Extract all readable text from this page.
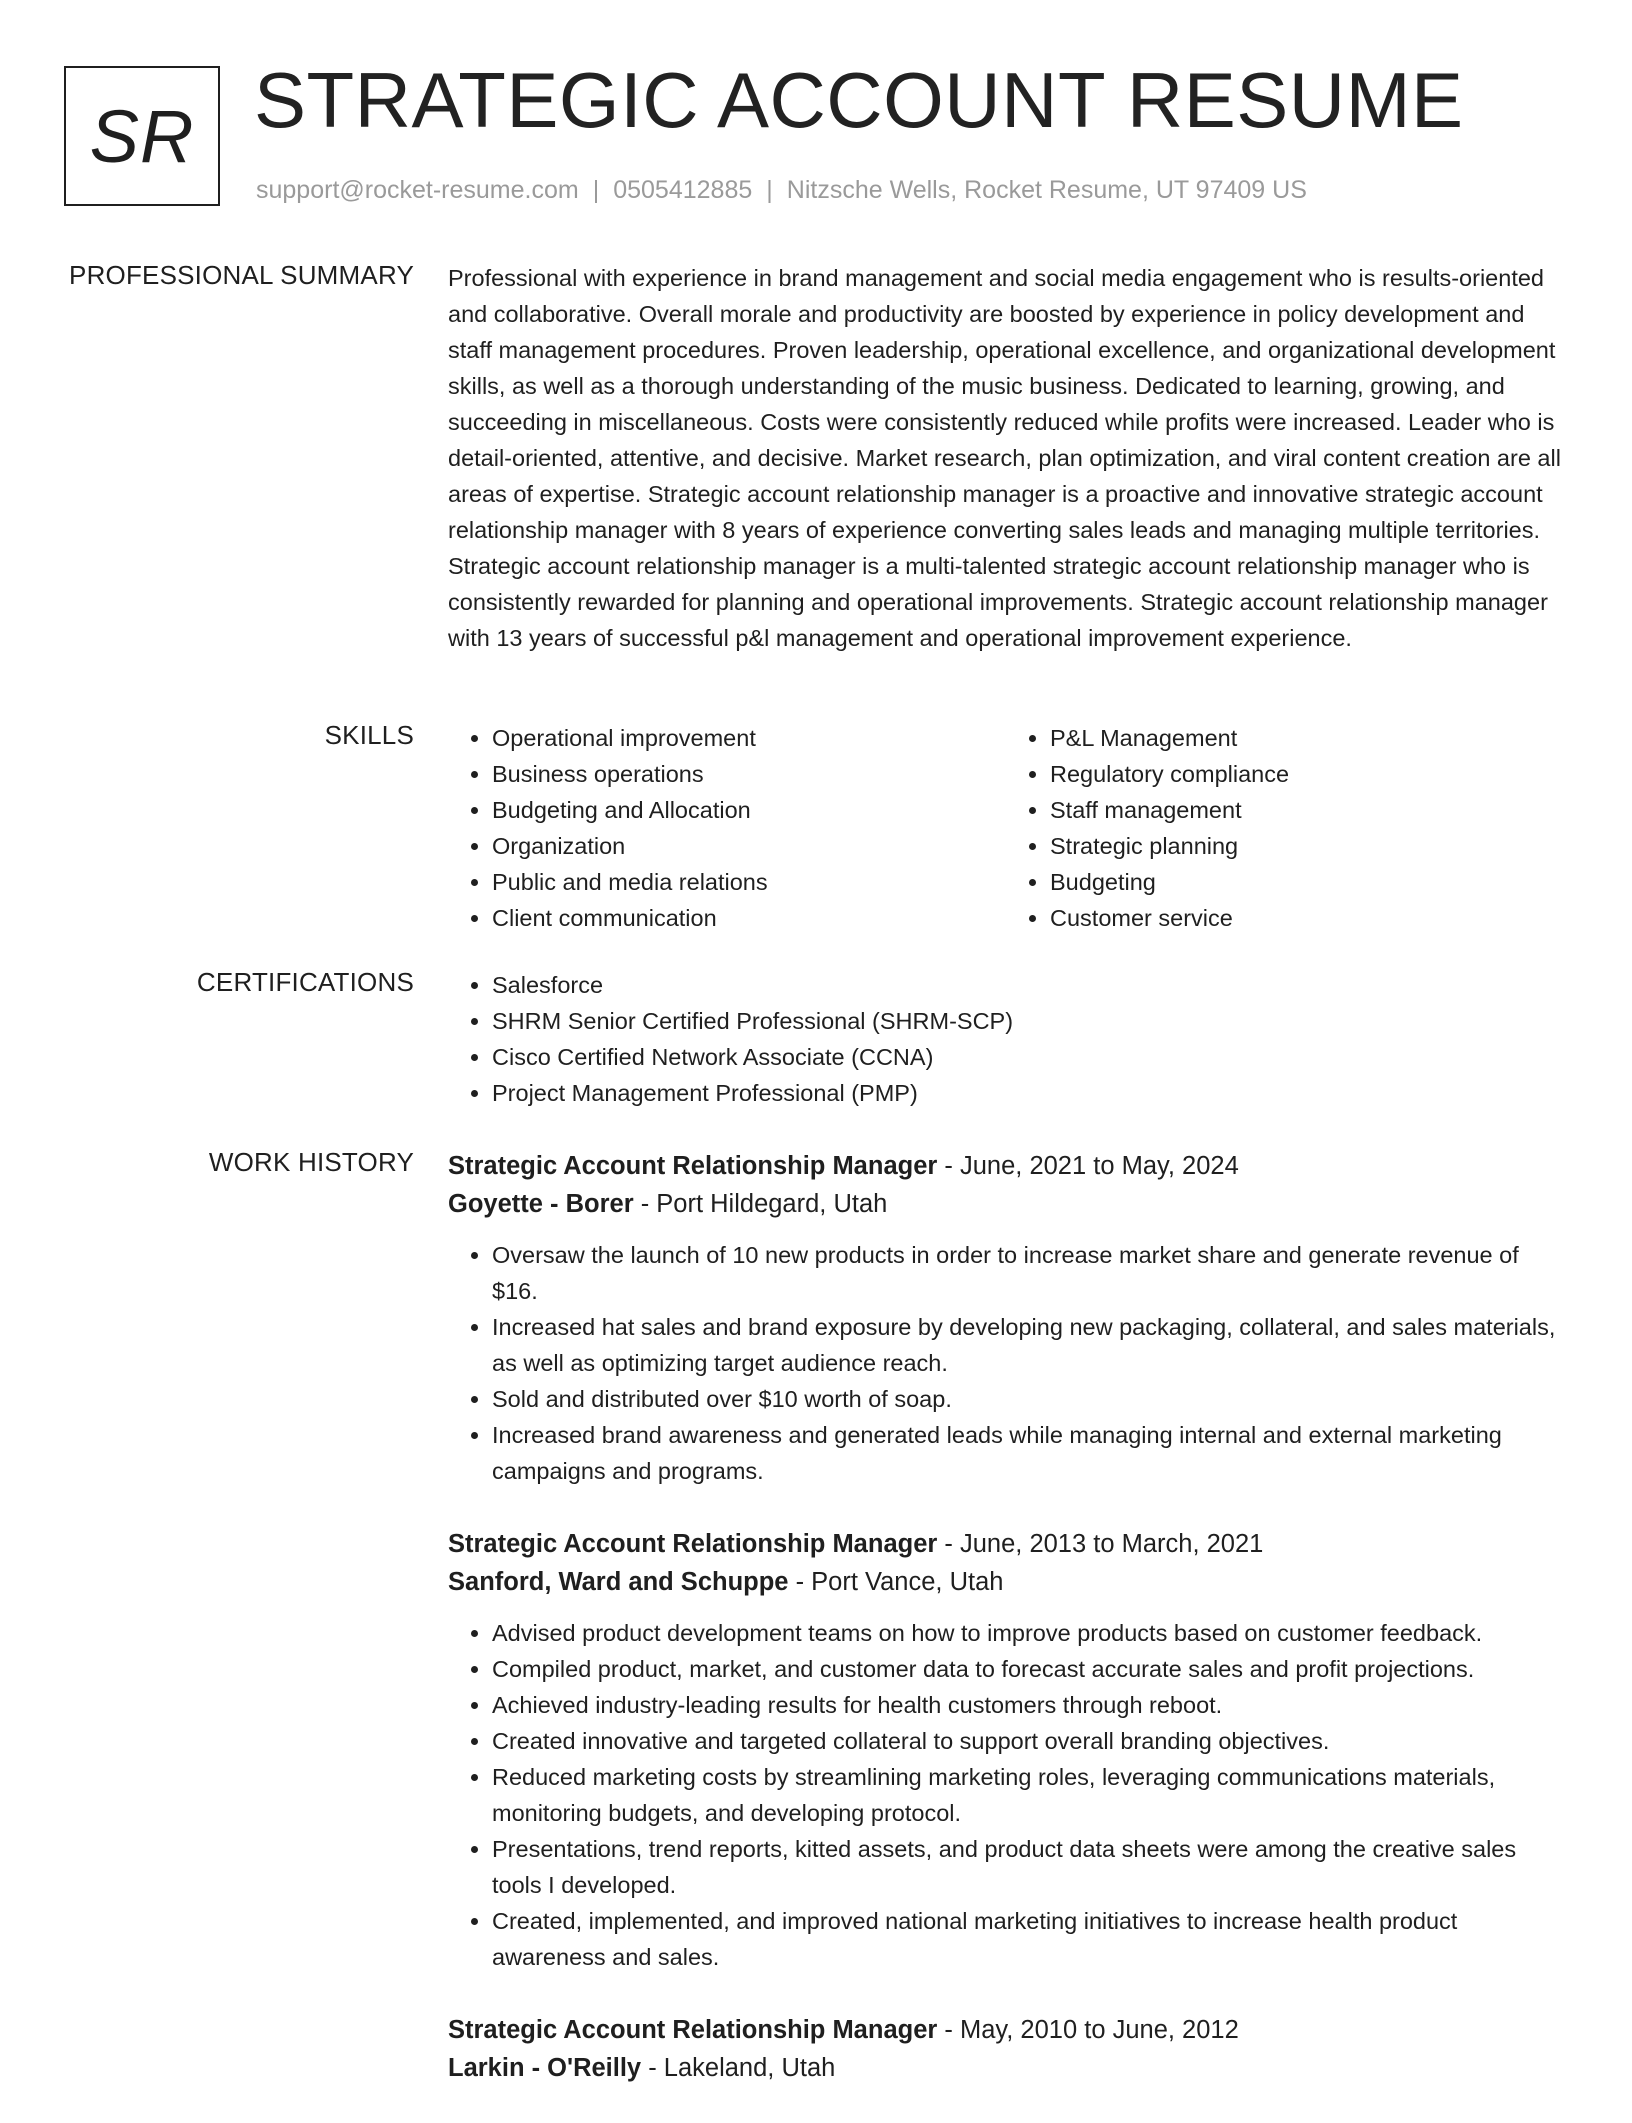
SR STRATEGIC ACCOUNT RESUME
support@rocket-resume.com | 0505412885 | Nitzsche Wells, Rocket Resume, UT 97409 US
PROFESSIONAL SUMMARY Professional with experience in brand management and social media engagement who is results-oriented and collaborative. Overall morale and productivity are boosted by experience in policy development and staff management procedures. Proven leadership, operational excellence, and organizational development skills, as well as a thorough understanding of the music business. Dedicated to learning, growing, and succeeding in miscellaneous. Costs were consistently reduced while profits were increased. Leader who is detail-oriented, attentive, and decisive. Market research, plan optimization, and viral content creation are all areas of expertise. Strategic account relationship manager is a proactive and innovative strategic account relationship manager with 8 years of experience converting sales leads and managing multiple territories. Strategic account relationship manager is a multi-talented strategic account relationship manager who is consistently rewarded for planning and operational improvements. Strategic account relationship manager with 13 years of successful p&l management and operational improvement experience.

SKILLS	• Operational improvement
• Business operations
• Budgeting and Allocation
• Organization
• Public and media relations
• Client communication
• P&L Management
• Regulatory compliance
• Staff management
• Strategic planning
• Budgeting
• Customer service
CERTIFICATIONS	• Salesforce
• SHRM Senior Certified Professional (SHRM-SCP)
• Cisco Certified Network Associate (CCNA)
• Project Management Professional (PMP)
WORK HISTORY Strategic Account Relationship Manager - June, 2021 to May, 2024
Goyette - Borer - Port Hildegard, Utah
• Oversaw the launch of 10 new products in order to increase market share and generate revenue of $16.
• Increased hat sales and brand exposure by developing new packaging, collateral, and sales materials, as well as optimizing target audience reach.
• Sold and distributed over $10 worth of soap.
• Increased brand awareness and generated leads while managing internal and external marketing campaigns and programs.
Strategic Account Relationship Manager - June, 2013 to March, 2021
Sanford, Ward and Schuppe - Port Vance, Utah
• Advised product development teams on how to improve products based on customer feedback.
• Compiled product, market, and customer data to forecast accurate sales and profit projections.
• Achieved industry-leading results for health customers through reboot.
• Created innovative and targeted collateral to support overall branding objectives.
• Reduced marketing costs by streamlining marketing roles, leveraging communications materials, monitoring budgets, and developing protocol.
• Presentations, trend reports, kitted assets, and product data sheets were among the creative sales tools I developed.
• Created, implemented, and improved national marketing initiatives to increase health product awareness and sales.
Strategic Account Relationship Manager - May, 2010 to June, 2012
Larkin - O'Reilly - Lakeland, Utah
